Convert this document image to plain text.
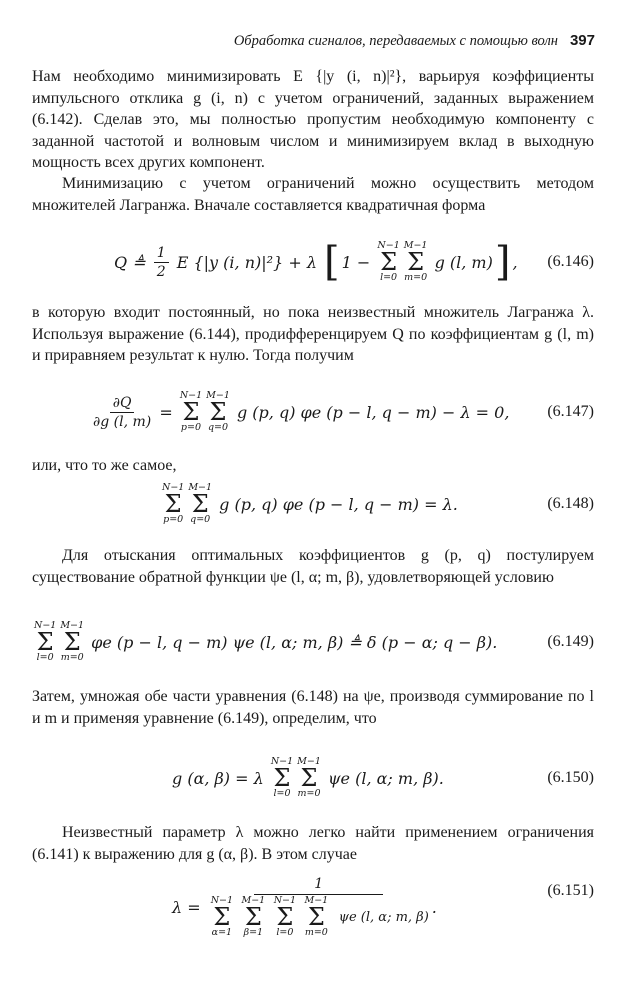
Обработка сигналов, передаваемых с помощью волн 397

Нам необходимо минимизировать E {|y (i, n)|²}, варьируя коэффициенты импульсного отклика g (i, n) с учетом ограничений, заданных выражением (6.142). Сделав это, мы полностью пропустим необходимую компоненту с заданной частотой и волновым числом и минимизируем вклад в выходную мощность всех других компонент.

Минимизацию с учетом ограничений можно осуществить методом множителей Лагранжа. Вначале составляется квадратичная форма

Q ≜ $\frac{1}{2}$ E {|y (i, n)|²} + λ [ 1 −
N−1
Σ
l=0
M−1
Σ
m=0
g (l, m) ] , (6.146)

в которую входит постоянный, но пока неизвестный множитель Лагранжа λ. Используя выражение (6.144), продифференцируем Q по коэффициентам g (l, m) и приравняем результат к нулю. Тогда получим

$\frac{\partial Q}{\partial g (l, m)}$ =
N−1
Σ
p=0
M−1
Σ
q=0
g (p, q) φe (p − l, q − m) − λ = 0, (6.147)

или, что то же самое,

N−1
Σ
p=0
M−1
Σ
q=0
g (p, q) φe (p − l, q − m) = λ.	(6.148)

Для отыскания оптимальных коэффициентов g (p, q) постулируем существование обратной функции ψe (l, α; m, β), удовлетворяющей условию

N−1
Σ
l=0
M−1
Σ
m=0
φe (p − l, q − m) ψe (l, α; m, β) ≜ δ (p − α; q − β).	(6.149)

Затем, умножая обе части уравнения (6.148) на ψe, производя суммирование по l и m и применяя уравнение (6.149), определим, что

g (α, β) = λ
N−1
Σ
l=0
M−1
Σ
m=0
ψe (l, α; m, β).	(6.150)

Неизвестный параметр λ можно легко найти применением ограничения (6.141) к выражению для g (α, β). В этом случае

λ =
1
N−1
Σ
α=1

M−1
Σ
β=1

N−1
Σ
l=0

M−1
Σ
m=0
ψe (l, α; m, β)
.
(6.151)
